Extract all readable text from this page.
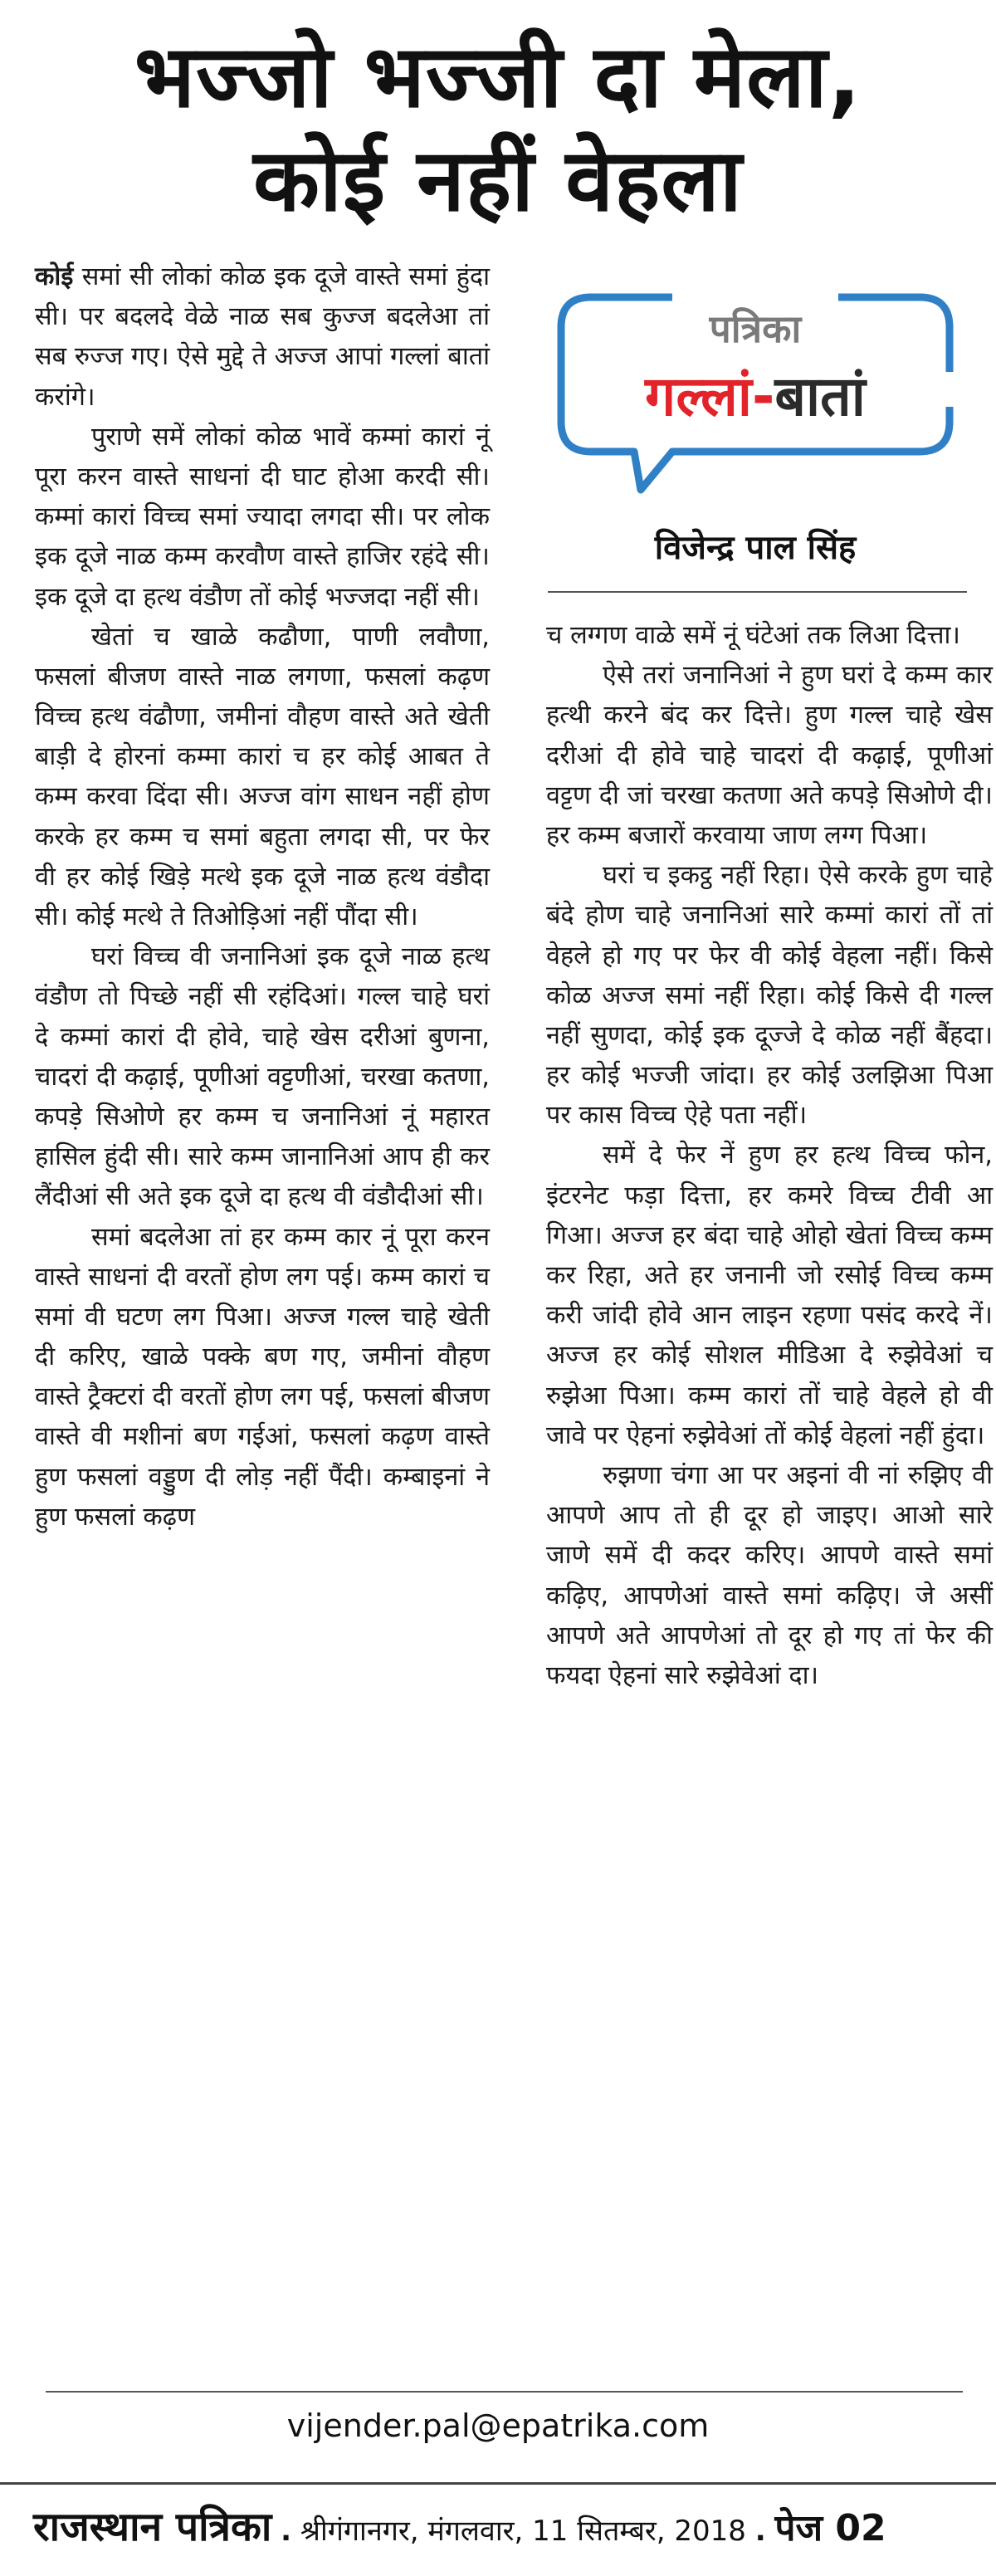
भज्जो भज्जी दा मेला,
कोई नहीं वेहला

कोई समां सी लोकां कोळ इक दूजे वास्ते समां हुंदा सी। पर बदलदे वेळे नाळ सब कुज्ज बदलेआ तां सब रुज्ज गए। ऐसे मुद्दे ते अज्ज आपां गल्लां बातां करांगे।

पुराणे समें लोकां कोळ भावें कम्मां कारां नूं पूरा करन वास्ते साधनां दी घाट होआ करदी सी। कम्मां कारां विच्च समां ज्यादा लगदा सी। पर लोक इक दूजे नाळ कम्म करवौण वास्ते हाजिर रहंदे सी। इक दूजे दा हत्थ वंडौण तों कोई भज्जदा नहीं सी।

खेतां च खाळे कढौणा, पाणी लवौणा, फसलां बीजण वास्ते नाळ लगणा, फसलां कढ़ण विच्च हत्थ वंढौणा, जमीनां वौहण वास्ते अते खेती बाड़ी दे होरनां कम्मा कारां च हर कोई आबत ते कम्म करवा दिंदा सी। अज्ज वांग साधन नहीं होण करके हर कम्म च समां बहुता लगदा सी, पर फेर वी हर कोई खिड़े मत्थे इक दूजे नाळ हत्थ वंडौदा सी। कोई मत्थे ते तिओड़िआं नहीं पौंदा सी।

घरां विच्च वी जनानिआं इक दूजे नाळ हत्थ वंडौण तो पिच्छे नहीं सी रहंदिआं। गल्ल चाहे घरां दे कम्मां कारां दी होवे, चाहे खेस दरीआं बुणना, चादरां दी कढ़ाई, पूणीआं वट्टणीआं, चरखा कतणा, कपड़े सिओणे हर कम्म च जनानिआं नूं महारत हासिल हुंदी सी। सारे कम्म जानानिआं आप ही कर लैंदीआं सी अते इक दूजे दा हत्थ वी वंडौदीआं सी।

समां बदलेआ तां हर कम्म कार नूं पूरा करन वास्ते साधनां दी वरतों होण लग पई। कम्म कारां च समां वी घटण लग पिआ। अज्ज गल्ल चाहे खेती दी करिए, खाळे पक्के बण गए, जमीनां वौहण वास्ते ट्रैक्टरां दी वरतों होण लग पई, फसलां बीजण वास्ते वी मशीनां बण गईआं, फसलां कढ़ण वास्ते हुण फसलां वड्डुण दी लोड़ नहीं पैंदी। कम्बाइनां ने हुण फसलां कढ़ण

पत्रिका
गल्लां-बातां
विजेन्द्र पाल सिंह

च लग्गण वाळे समें नूं घंटेआं तक लिआ दित्ता।

ऐसे तरां जनानिआं ने हुण घरां दे कम्म कार हत्थी करने बंद कर दित्ते। हुण गल्ल चाहे खेस दरीआं दी होवे चाहे चादरां दी कढ़ाई, पूणीआं वट्टण दी जां चरखा कतणा अते कपड़े सिओणे दी। हर कम्म बजारों करवाया जाण लग्ग पिआ।

घरां च इकट्ठ नहीं रिहा। ऐसे करके हुण चाहे बंदे होण चाहे जनानिआं सारे कम्मां कारां तों तां वेहले हो गए पर फेर वी कोई वेहला नहीं। किसे कोळ अज्ज समां नहीं रिहा। कोई किसे दी गल्ल नहीं सुणदा, कोई इक दूज्जे दे कोळ नहीं बैंहदा। हर कोई भज्जी जांदा। हर कोई उलझिआ पिआ पर कास विच्च ऐहे पता नहीं।

समें दे फेर नें हुण हर हत्थ विच्च फोन, इंटरनेट फड़ा दित्ता, हर कमरे विच्च टीवी आ गिआ। अज्ज हर बंदा चाहे ओहो खेतां विच्च कम्म कर रिहा, अते हर जनानी जो रसोई विच्च कम्म करी जांदी होवे आन लाइन रहणा पसंद करदे नें। अज्ज हर कोई सोशल मीडिआ दे रुझेवेआं च रुझेआ पिआ। कम्म कारां तों चाहे वेहले हो वी जावे पर ऐहनां रुझेवेआं तों कोई वेहलां नहीं हुंदा।

रुझणा चंगा आ पर अइनां वी नां रुझिए वी आपणे आप तो ही दूर हो जाइए। आओ सारे जाणे समें दी कदर करिए। आपणे वास्ते समां कढ़िए, आपणेआं वास्ते समां कढ़िए। जे असीं आपणे अते आपणेआं तो दूर हो गए तां फेर की फयदा ऐहनां सारे रुझेवेआं दा।

vijender.pal@epatrika.com
राजस्थान पत्रिका . श्रीगंगानगर, मंगलवार, 11 सितम्बर, 2018 . पेज 02
